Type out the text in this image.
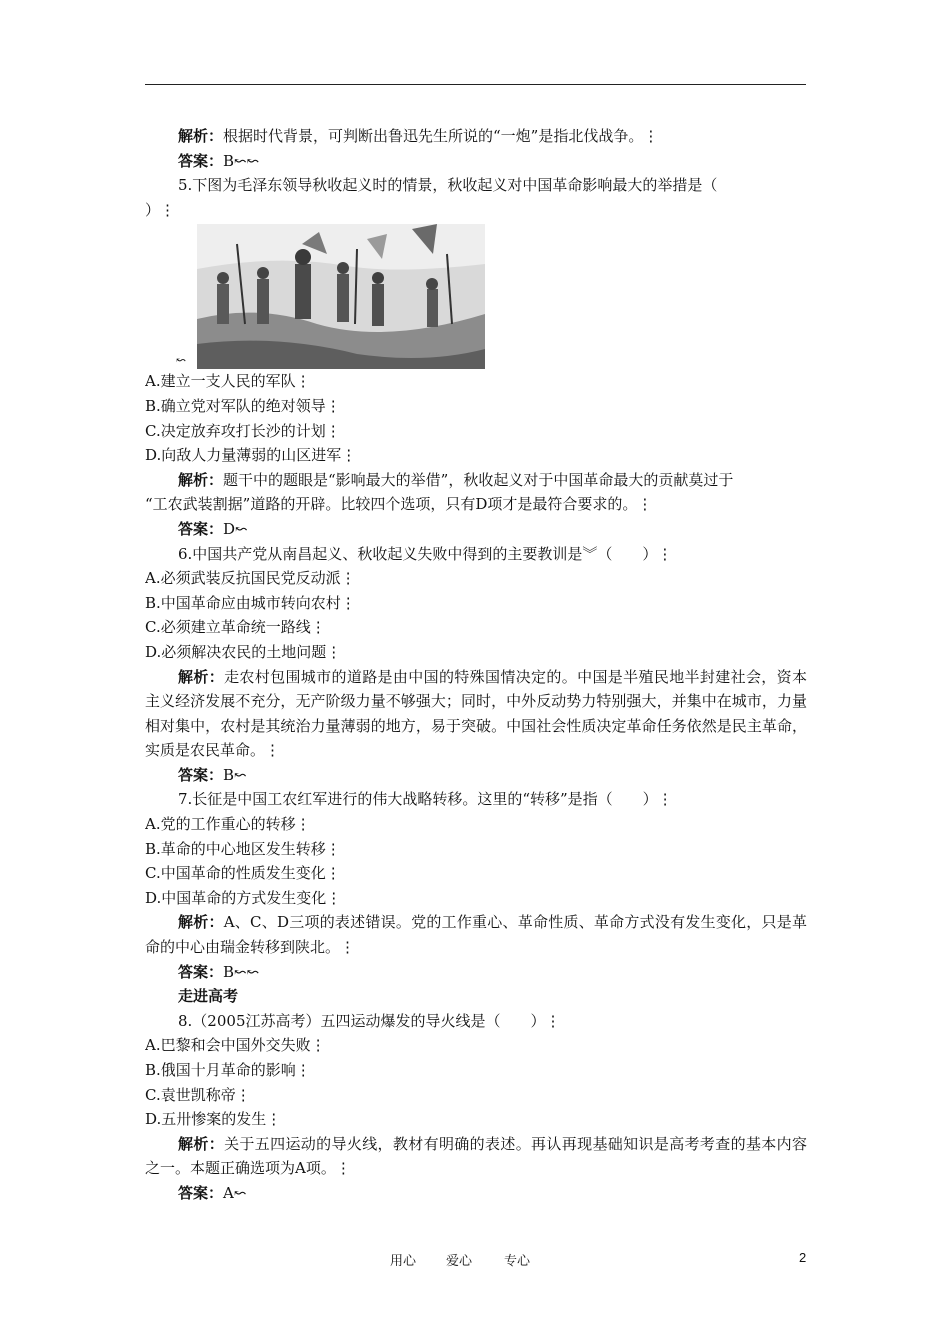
解析：根据时代背景，可判断出鲁迅先生所说的“一炮”是指北伐战争。⋮
答案：B↜↜
5.下图为毛泽东领导秋收起义时的情景，秋收起义对中国革命影响最大的举措是（
）⋮
↜
A.建立一支人民的军队⋮
B.确立党对军队的绝对领导⋮
C.决定放弃攻打长沙的计划⋮
D.向敌人力量薄弱的山区进军⋮
解析：题干中的题眼是“影响最大的举借”，秋收起义对于中国革命最大的贡献莫过于
“工农武装割据”道路的开辟。比较四个选项，只有D项才是最符合要求的。⋮
答案：D↜
6.中国共产党从南昌起义、秋收起义失败中得到的主要教训是︾（　　）⋮
A.必须武装反抗国民党反动派⋮
B.中国革命应由城市转向农村⋮
C.必须建立革命统一路线⋮
D.必须解决农民的土地问题⋮

解析：走农村包围城市的道路是由中国的特殊国情决定的。中国是半殖民地半封建社会，资本主义经济发展不充分，无产阶级力量不够强大；同时，中外反动势力特别强大，并集中在城市，力量相对集中，农村是其统治力量薄弱的地方，易于突破。中国社会性质决定革命任务依然是民主革命，实质是农民革命。⋮

答案：B↜
7.长征是中国工农红军进行的伟大战略转移。这里的“转移”是指（　　）⋮
A.党的工作重心的转移⋮
B.革命的中心地区发生转移⋮
C.中国革命的性质发生变化⋮
D.中国革命的方式发生变化⋮

解析：A、C、D三项的表述错误。党的工作重心、革命性质、革命方式没有发生变化，只是革命的中心由瑞金转移到陕北。⋮

答案：B↜↜
走进高考
8.（2005江苏高考）五四运动爆发的导火线是（　　）⋮
A.巴黎和会中国外交失败⋮
B.俄国十月革命的影响⋮
C.袁世凯称帝⋮
D.五卅惨案的发生⋮

解析：关于五四运动的导火线，教材有明确的表述。再认再现基础知识是高考考查的基本内容之一。本题正确选项为A项。⋮

答案：A↜
用心 爱心 专心	2
